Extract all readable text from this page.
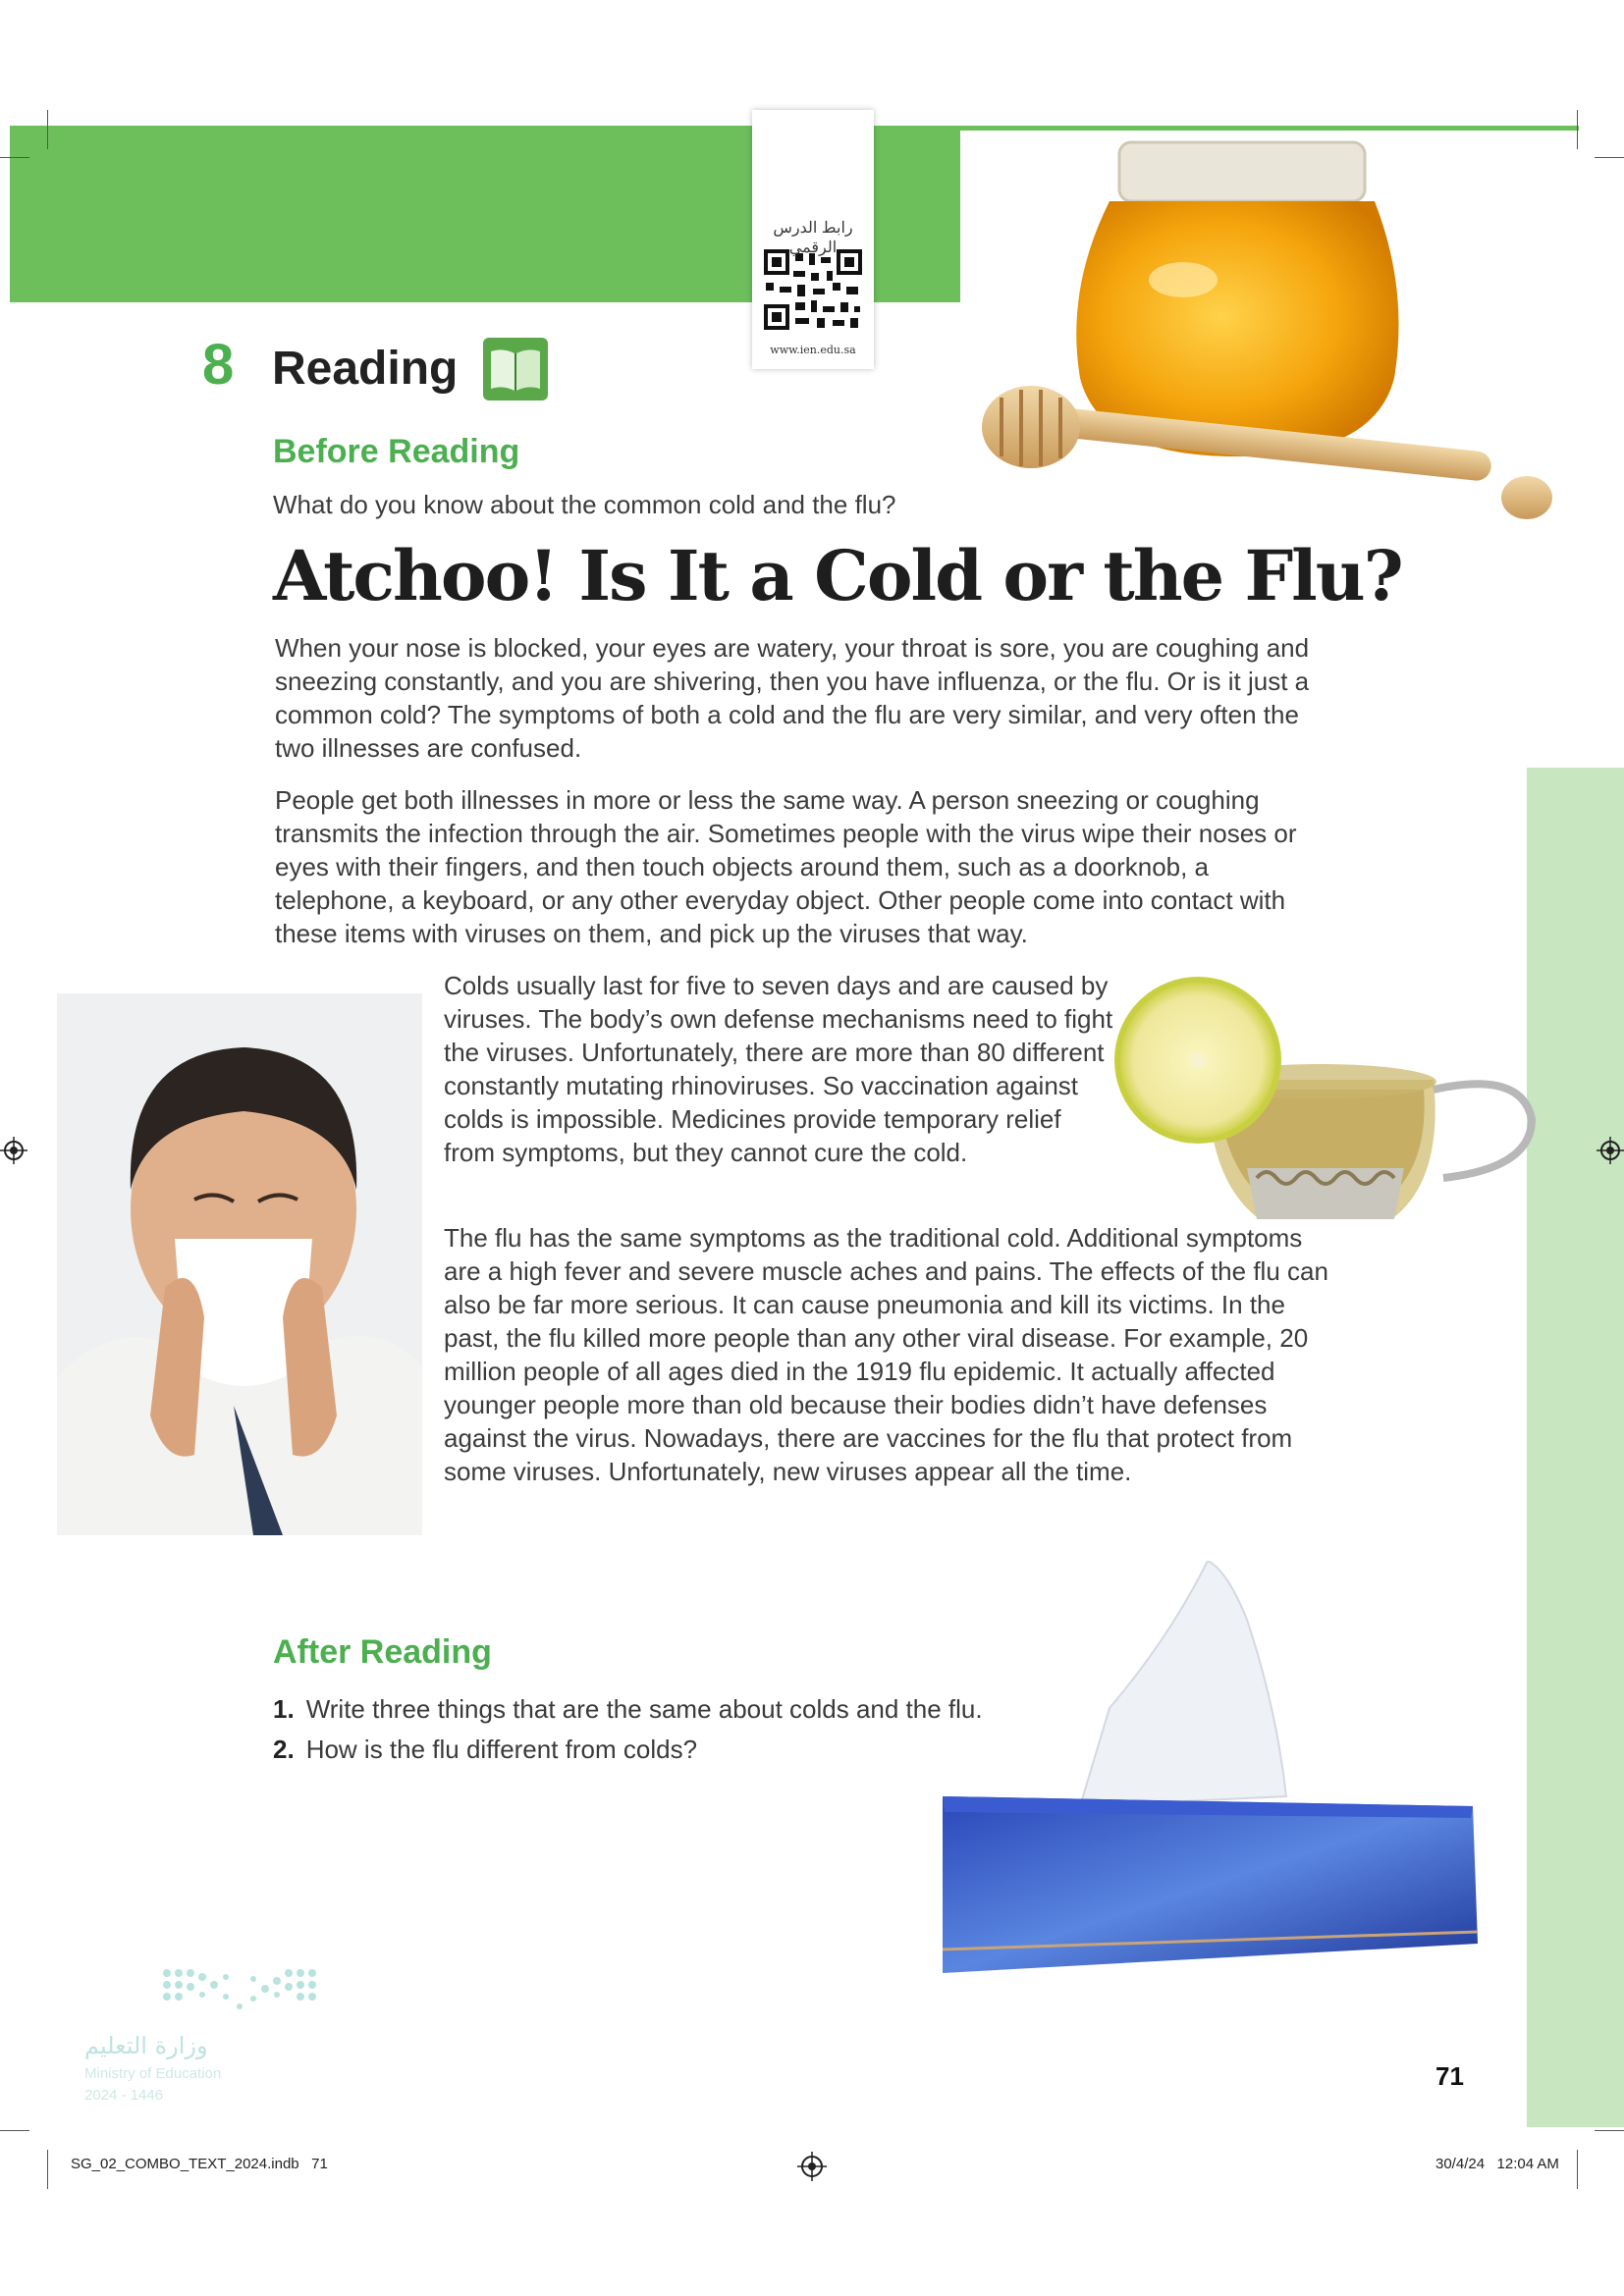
رابط الدرس الرقمي
www.ien.edu.sa
8 Reading
Before Reading
What do you know about the common cold and the flu?
Atchoo! Is It a Cold or the Flu?

When your nose is blocked, your eyes are watery, your throat is sore, you are coughing and sneezing constantly, and you are shivering, then you have influenza, or the flu. Or is it just a common cold? The symptoms of both a cold and the flu are very similar, and very often the two illnesses are confused.

People get both illnesses in more or less the same way. A person sneezing or coughing transmits the infection through the air. Sometimes people with the virus wipe their noses or eyes with their fingers, and then touch objects around them, such as a doorknob, a telephone, a keyboard, or any other everyday object. Other people come into contact with these items with viruses on them, and pick up the viruses that way.

Colds usually last for five to seven days and are caused by viruses. The body’s own defense mechanisms need to fight the viruses. Unfortunately, there are more than 80 different constantly mutating rhinoviruses. So vaccination against colds is impossible. Medicines provide temporary relief from symptoms, but they cannot cure the cold.

The flu has the same symptoms as the traditional cold. Additional symptoms are a high fever and severe muscle aches and pains. The effects of the flu can also be far more serious. It can cause pneumonia and kill its victims. In the past, the flu killed more people than any other viral disease. For example, 20 million people of all ages died in the 1919 flu epidemic. It actually affected younger people more than old because their bodies didn’t have defenses against the virus. Nowadays, there are vaccines for the flu that protect from some viruses. Unfortunately, new viruses appear all the time.

After Reading
1. Write three things that are the same about colds and the flu.
2. How is the flu different from colds?
وزارة التعليم
Ministry of Education
2024 - 1446
71
SG_02_COMBO_TEXT_2024.indb   71	30/4/24   12:04 AM
